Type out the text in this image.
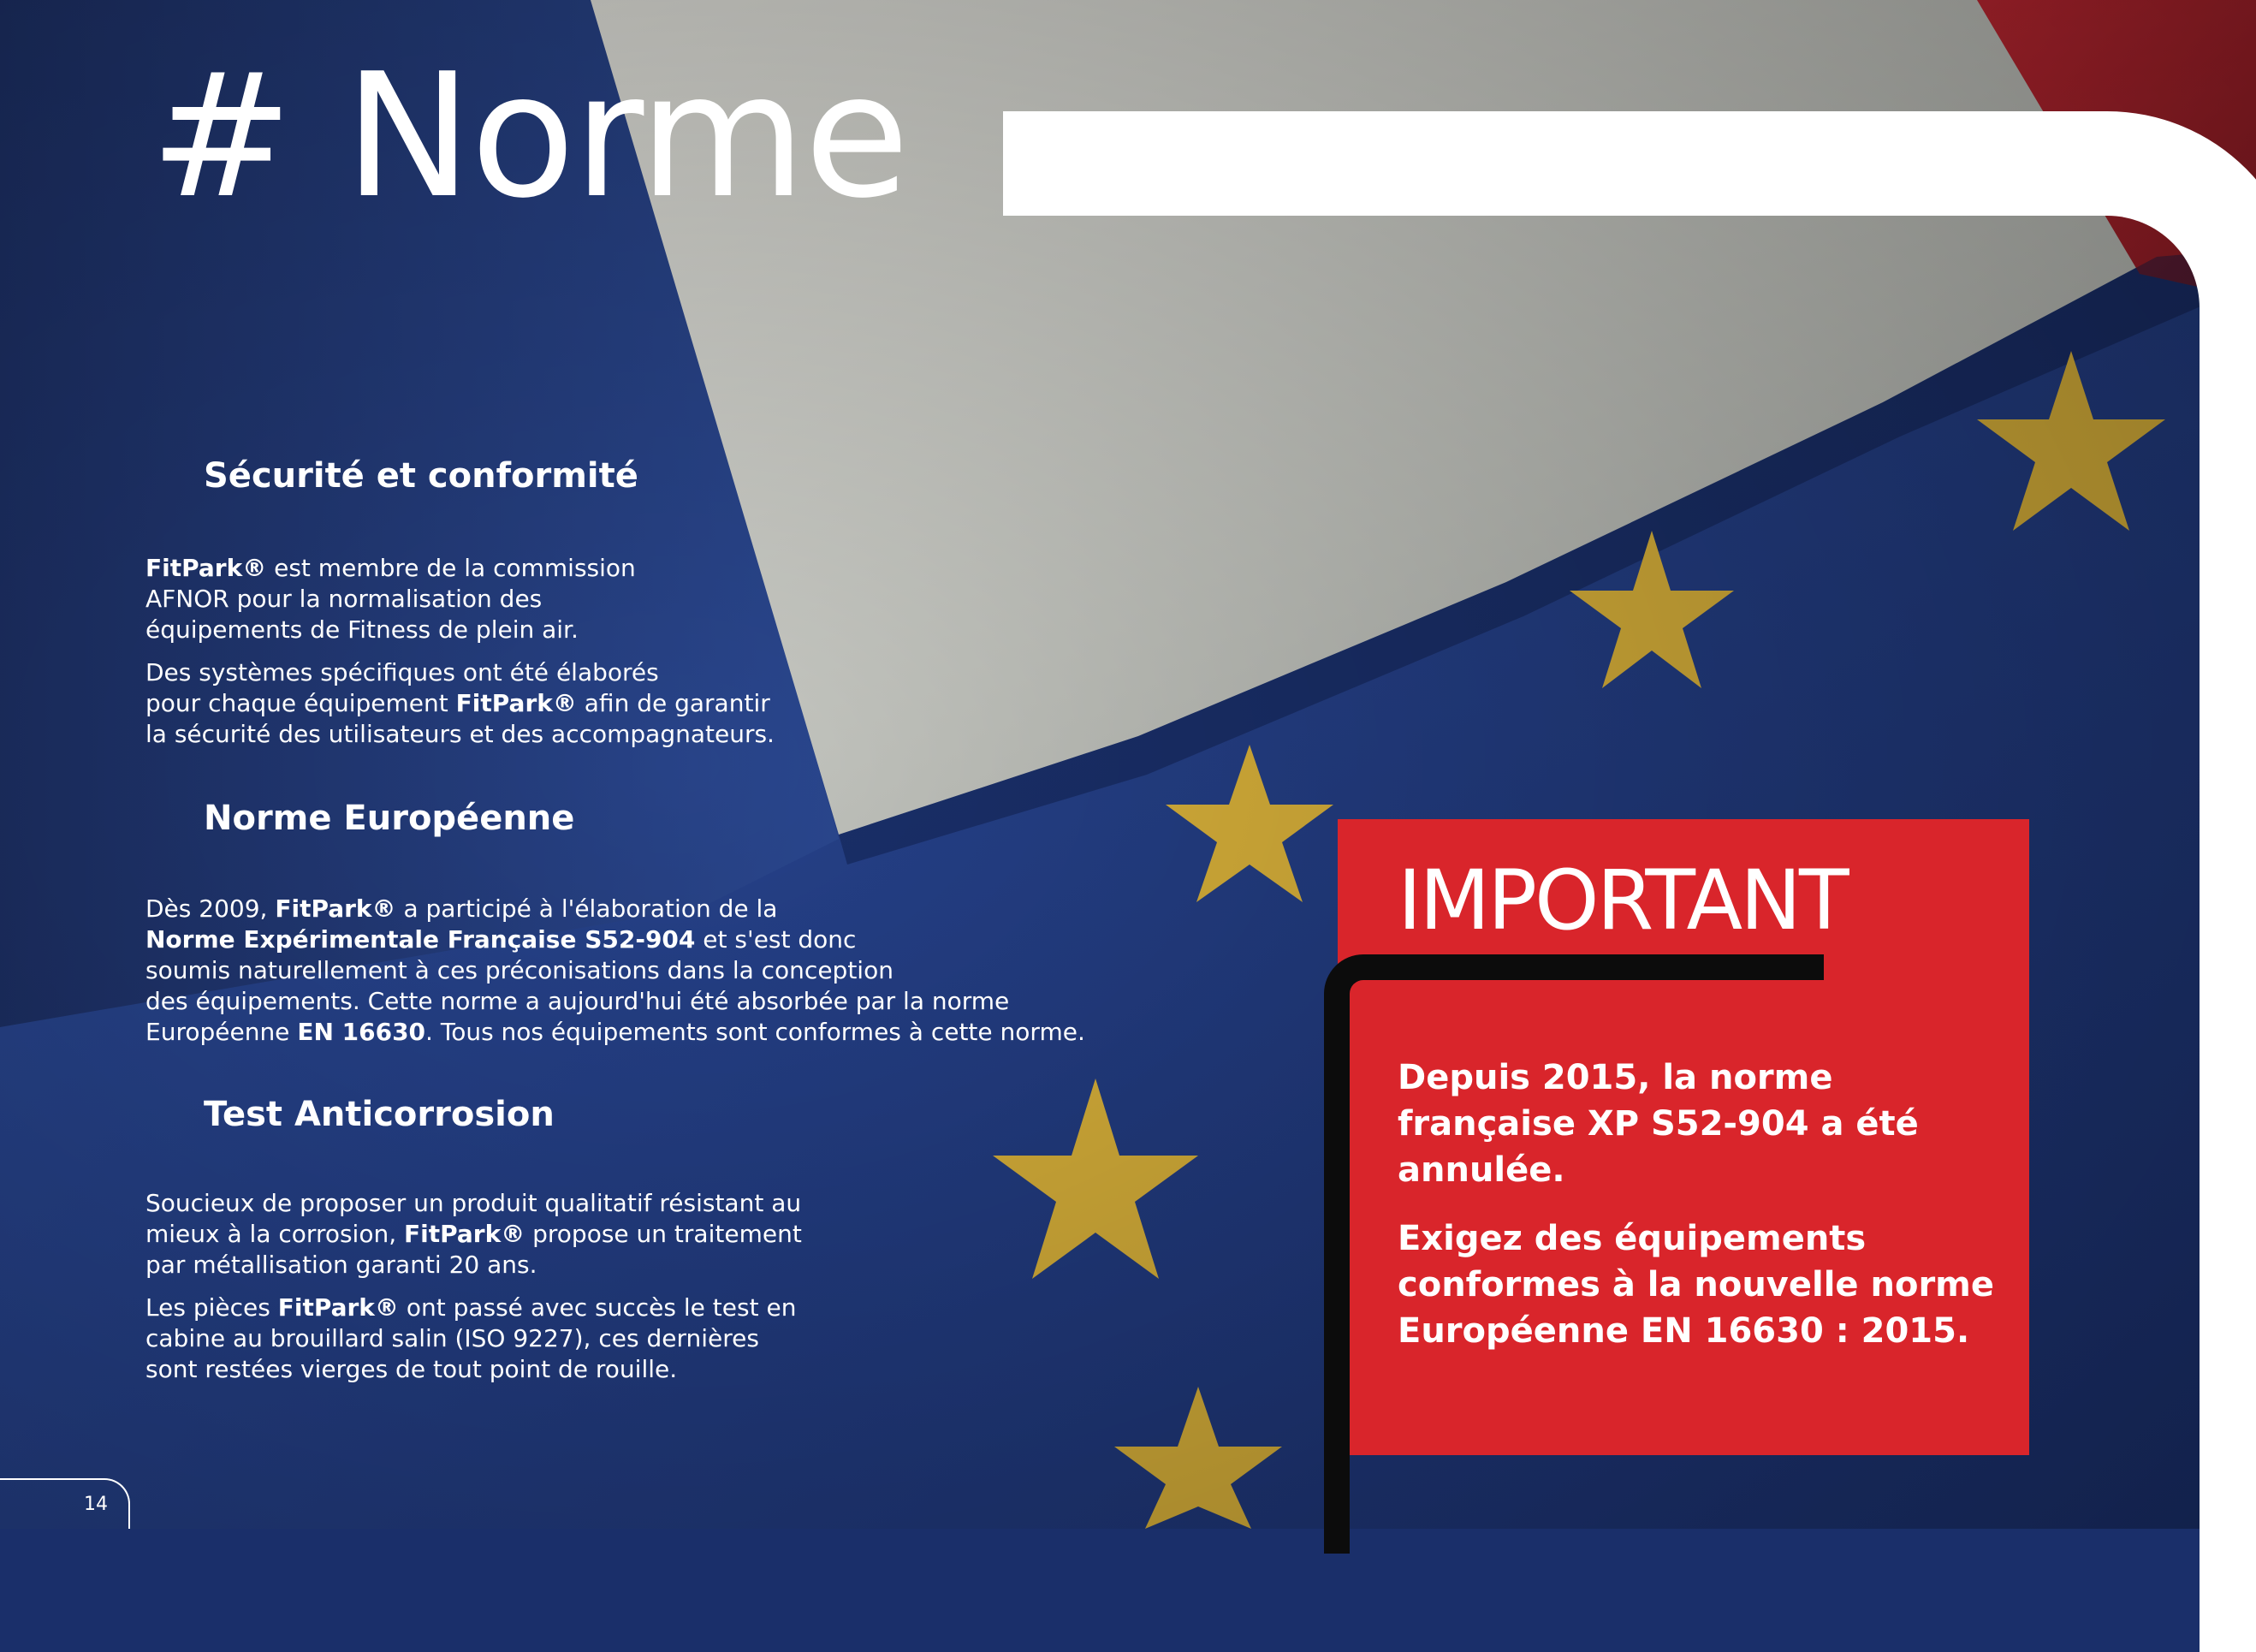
# Norme
Sécurité et conformité

FitPark® est membre de la commission
AFNOR pour la normalisation des
équipements de Fitness de plein air.

Des systèmes spécifiques ont été élaborés
pour chaque équipement FitPark® afin de garantir
la sécurité des utilisateurs et des accompagnateurs.

Norme Européenne

Dès 2009, FitPark® a participé à l'élaboration de la
Norme Expérimentale Française S52-904 et s'est donc
soumis naturellement à ces préconisations dans la conception
des équipements. Cette norme a aujourd'hui été absorbée par la norme
Européenne EN 16630. Tous nos équipements sont conformes à cette norme.

Test Anticorrosion

Soucieux de proposer un produit qualitatif résistant au
mieux à la corrosion, FitPark® propose un traitement
par métallisation garanti 20 ans.

Les pièces FitPark® ont passé avec succès le test en
cabine au brouillard salin (ISO 9227), ces dernières
sont restées vierges de tout point de rouille.

IMPORTANT

Depuis 2015, la norme
française XP S52-904 a été
annulée.

Exigez des équipements
conformes à la nouvelle norme
Européenne EN 16630 : 2015.

14
